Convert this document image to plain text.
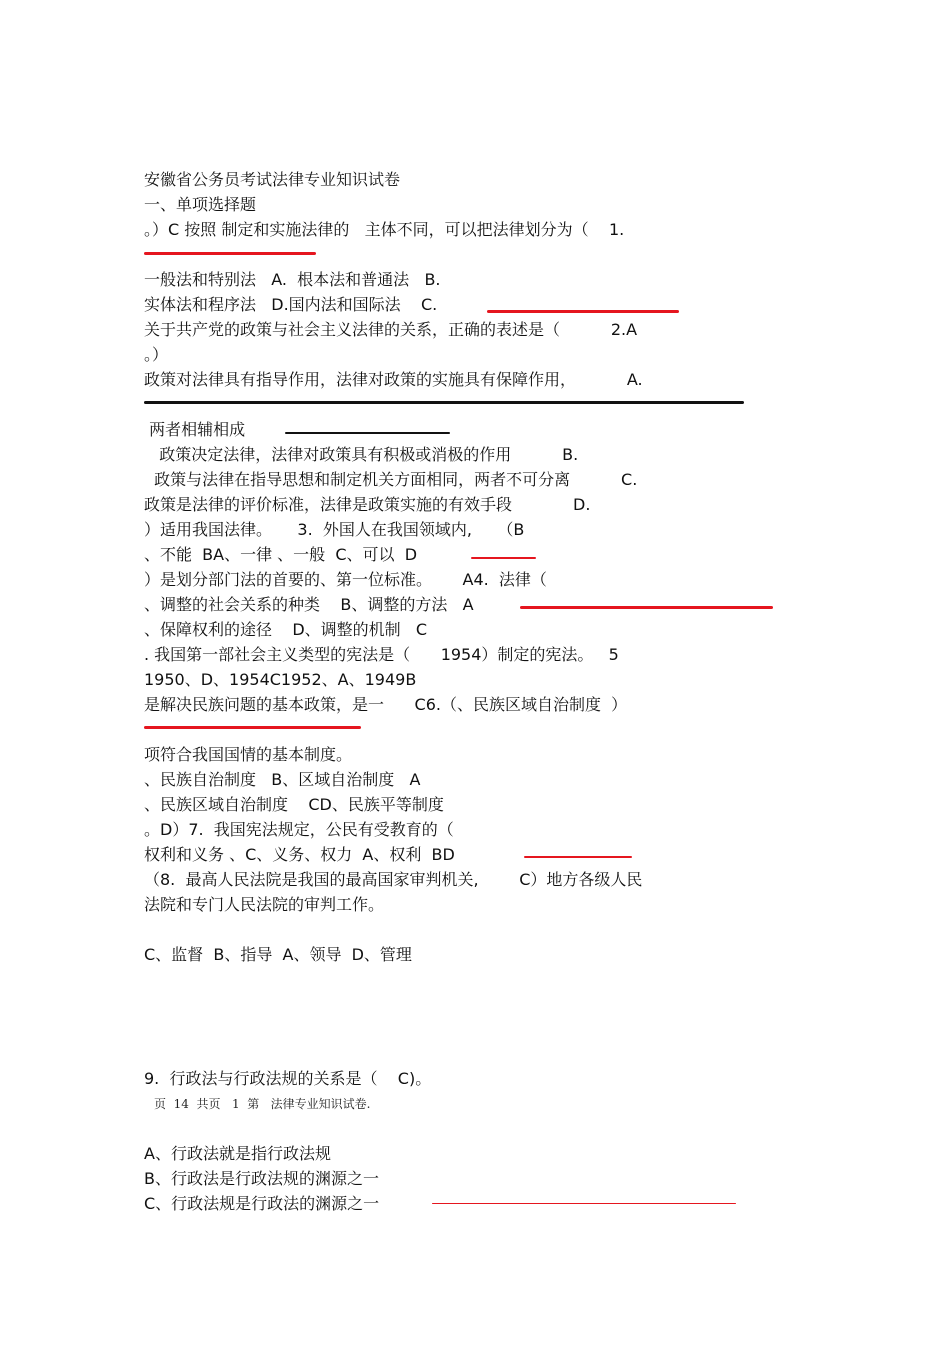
安徽省公务员考试法律专业知识试卷

一、单项选择题

。）C 按照 制定和实施法律的   主体不同，可以把法律划分为（    1.

一般法和特别法   A.  根本法和普通法   B.

实体法和程序法   D.国内法和国际法    C.

关于共产党的政策与社会主义法律的关系，正确的表述是（          2.A

。）

政策对法律具有指导作用，法律对政策的实施具有保障作用，          A.

两者相辅相成

政策决定法律，法律对政策具有积极或消极的作用          B.

政策与法律在指导思想和制定机关方面相同，两者不可分离          C.

政策是法律的评价标准，法律是政策实施的有效手段            D.

）适用我国法律。     3.  外国人在我国领域内,     （B

、不能  BA、一律 、一般  C、可以  D

）是划分部门法的首要的、第一位标准。      A4.  法律（

、调整的社会关系的种类    B、调整的方法   A

、保障权利的途径    D、调整的机制   C

. 我国第一部社会主义类型的宪法是（      1954）制定的宪法。   5

1950、D、1954C1952、A、1949B

是解决民族问题的基本政策，是一      C6.（、民族区域自治制度  ）

项符合我国国情的基本制度。

、民族自治制度   B、区域自治制度   A

、民族区域自治制度    CD、民族平等制度

。D）7.  我国宪法规定，公民有受教育的（

权利和义务 、C、义务、权力  A、权利  BD

（8.  最高人民法院是我国的最高国家审判机关,        C）地方各级人民

法院和专门人民法院的审判工作。

C、监督  B、指导  A、领导  D、管理

9.  行政法与行政法规的关系是（    C)。

页  14  共页   1  第   法律专业知识试卷.

A、行政法就是指行政法规

B、行政法是行政法规的渊源之一

C、行政法规是行政法的渊源之一
